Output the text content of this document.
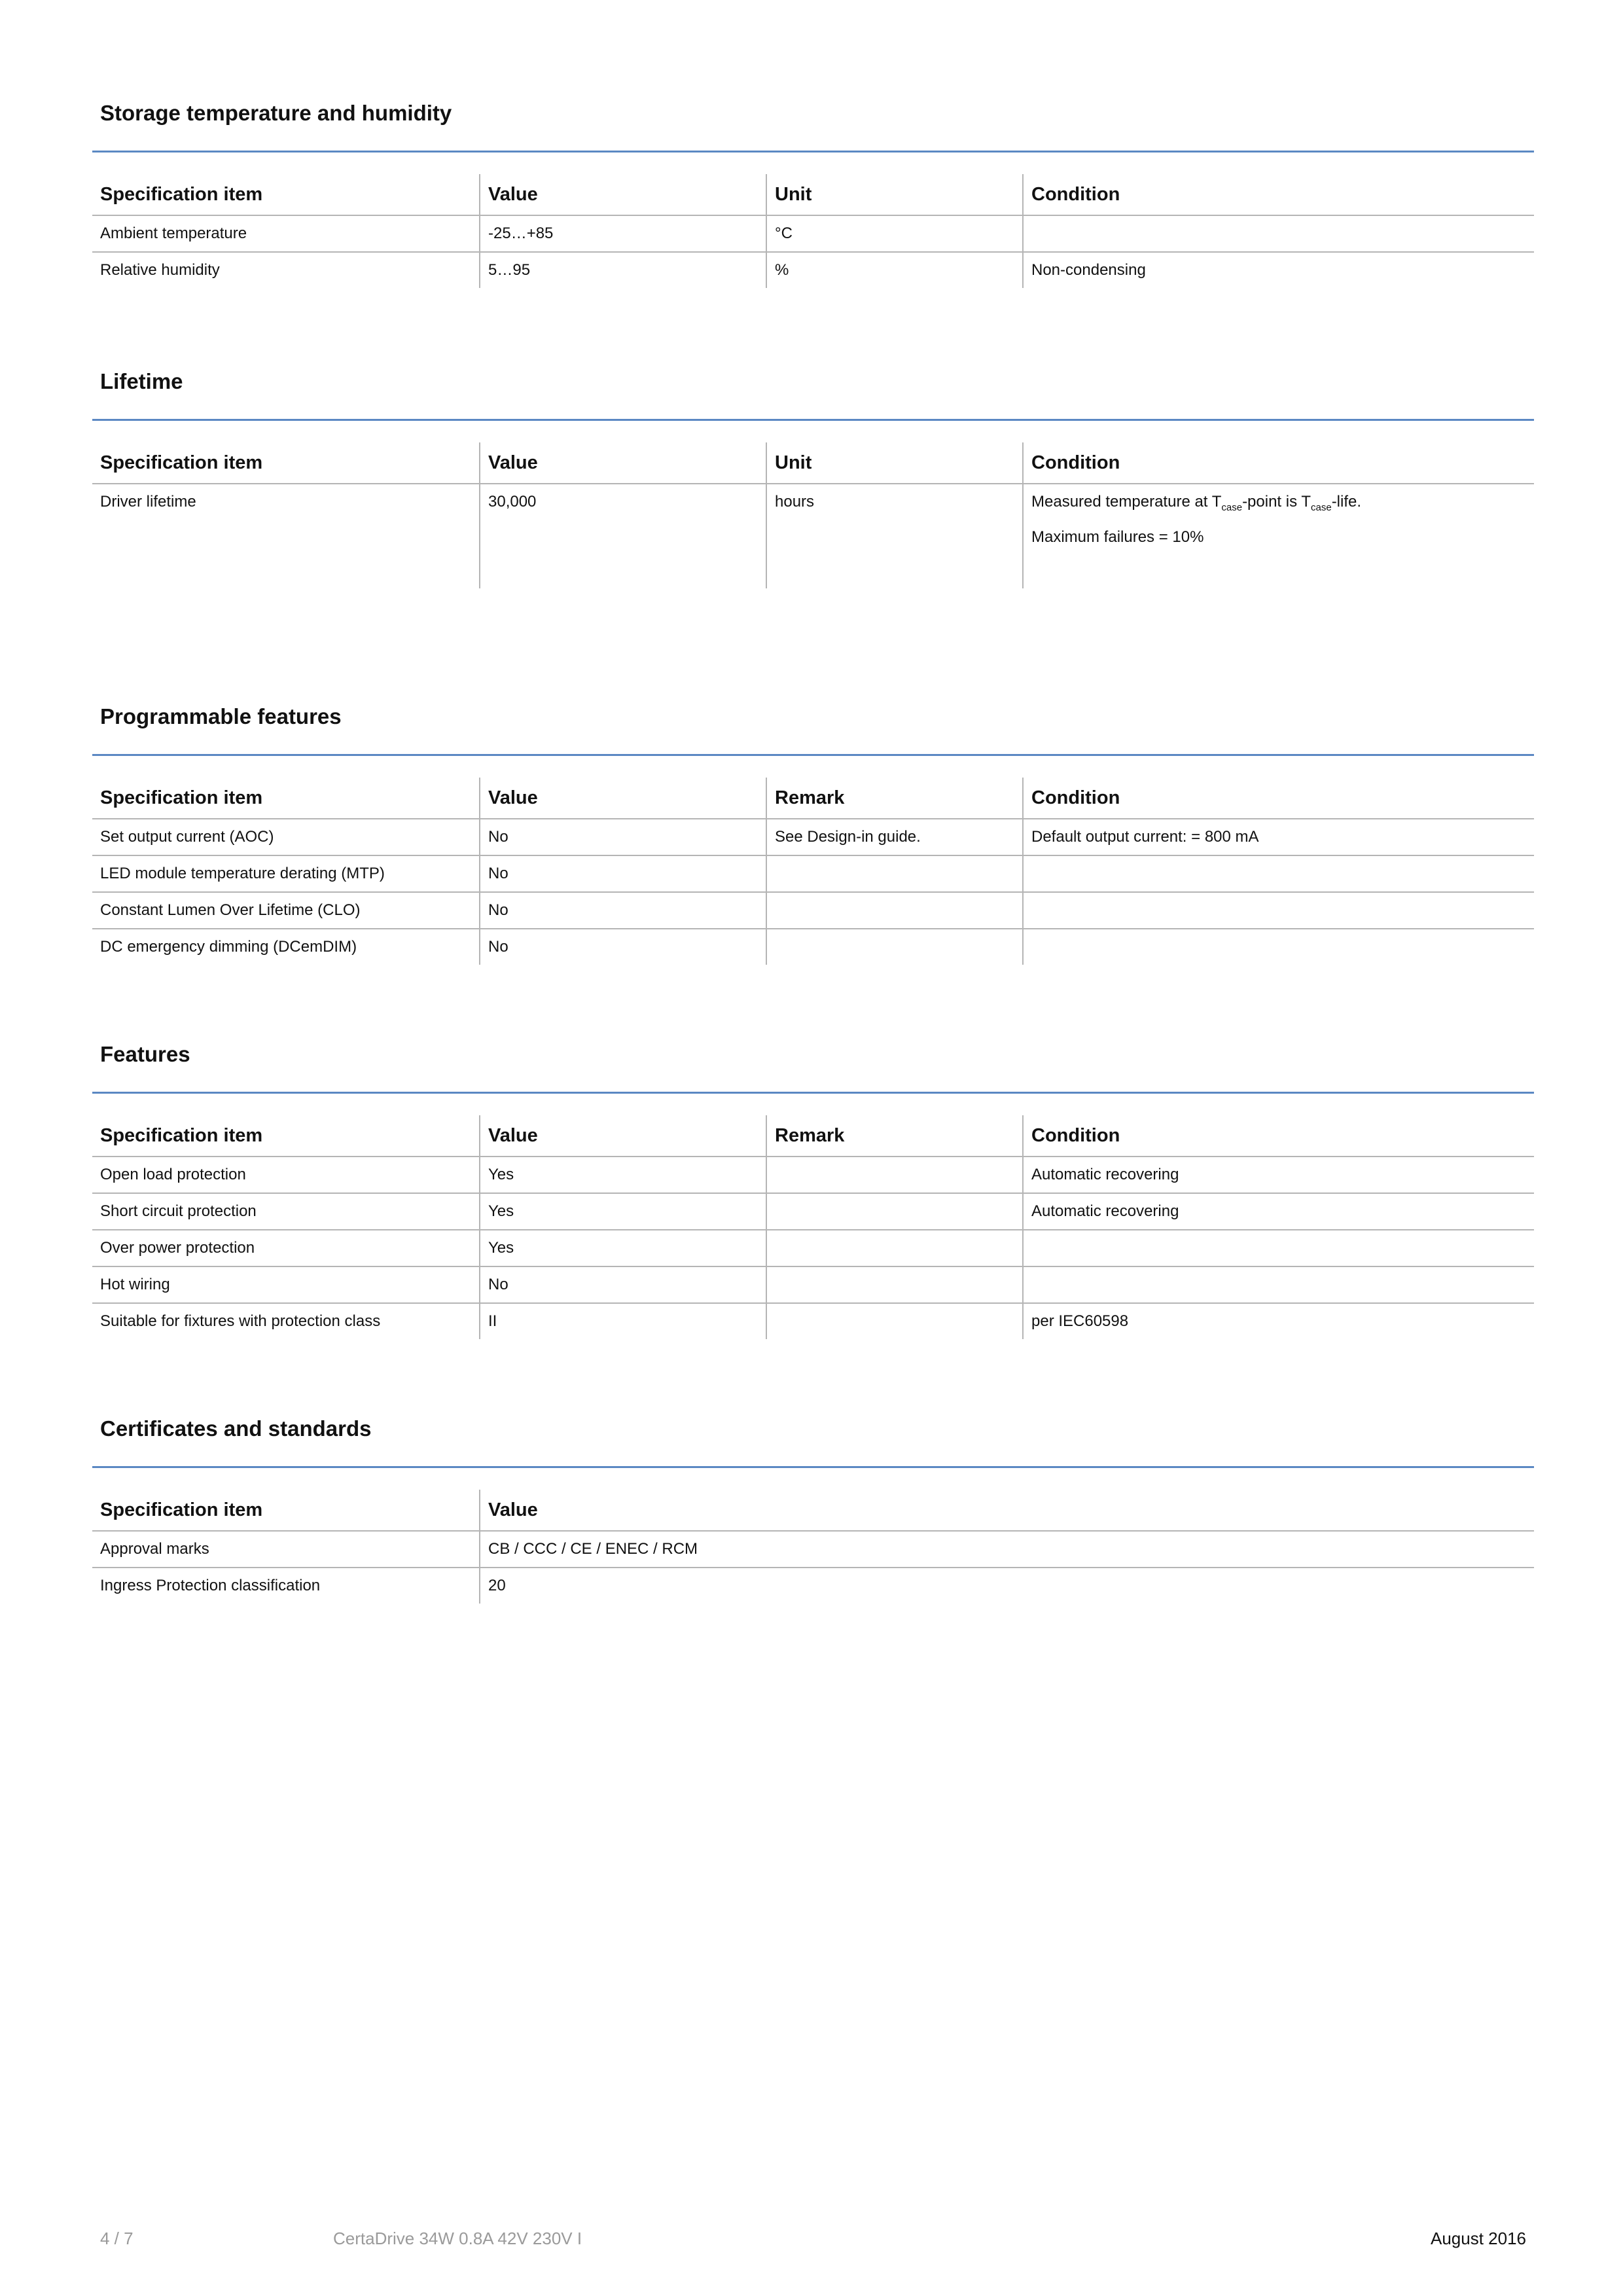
Storage temperature and humidity
Specification item	Value	Unit	Condition
Ambient temperature	-25…+85	°C	
Relative humidity	5…95	%	Non-condensing
Lifetime
Specification item	Value	Unit	Condition
Driver lifetime	30,000	hours	Measured temperature at $T_{case}$-point is $T_{case}$-life.
Maximum failures = 10%
Programmable features
Specification item	Value	Remark	Condition
Set output current (AOC)	No	See Design-in guide.	Default output current: = 800 mA
LED module temperature derating (MTP)	No		
Constant Lumen Over Lifetime (CLO)	No		
DC emergency dimming (DCemDIM)	No		
Features
Specification item	Value	Remark	Condition
Open load protection	Yes		Automatic recovering
Short circuit protection	Yes		Automatic recovering
Over power protection	Yes		
Hot wiring	No		
Suitable for fixtures with protection class	II		per IEC60598
Certificates and standards
Specification item	Value
Approval marks	CB / CCC / CE / ENEC / RCM
Ingress Protection classification	20
4 / 7	CertaDrive 34W 0.8A 42V 230V I	August 2016
